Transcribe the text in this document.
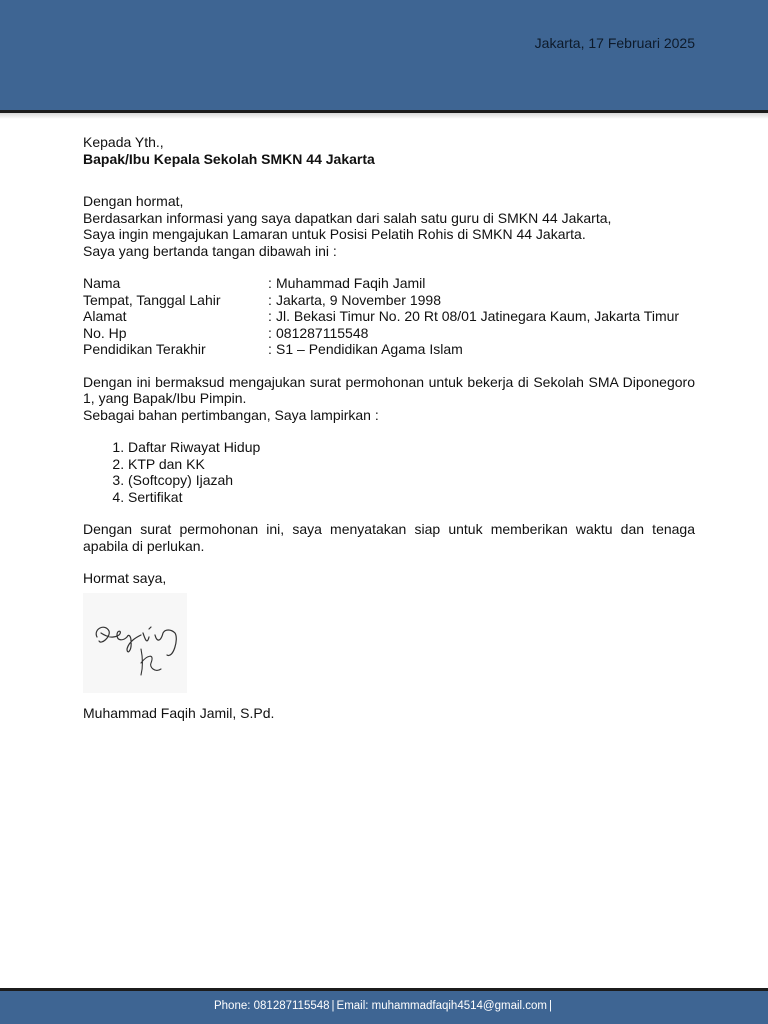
Jakarta, 17 Februari 2025

Kepada Yth.,

Bapak/Ibu Kepala Sekolah SMKN 44 Jakarta

Dengan hormat,

Berdasarkan informasi yang saya dapatkan dari salah satu guru di SMKN 44 Jakarta,

Saya ingin mengajukan Lamaran untuk Posisi Pelatih Rohis di SMKN 44 Jakarta.

Saya yang bertanda tangan dibawah ini :

Nama	: Muhammad Faqih Jamil
Tempat, Tanggal Lahir	: Jakarta, 9 November 1998
Alamat	: Jl. Bekasi Timur No. 20 Rt 08/01 Jatinegara Kaum, Jakarta Timur
No. Hp	: 081287115548
Pendidikan Terakhir	: S1 – Pendidikan Agama Islam

Dengan ini bermaksud mengajukan surat permohonan untuk bekerja di Sekolah SMA Diponegoro 1, yang Bapak/Ibu Pimpin.

Sebagai bahan pertimbangan, Saya lampirkan :

1. Daftar Riwayat Hidup
2. KTP dan KK
3. (Softcopy) Ijazah
4. Sertifikat

Dengan surat permohonan ini, saya menyatakan siap untuk memberikan waktu dan tenaga apabila di perlukan.

Hormat saya,

Muhammad Faqih Jamil, S.Pd.

Phone: 081287115548 | Email: muhammadfaqih4514@gmail.com |
